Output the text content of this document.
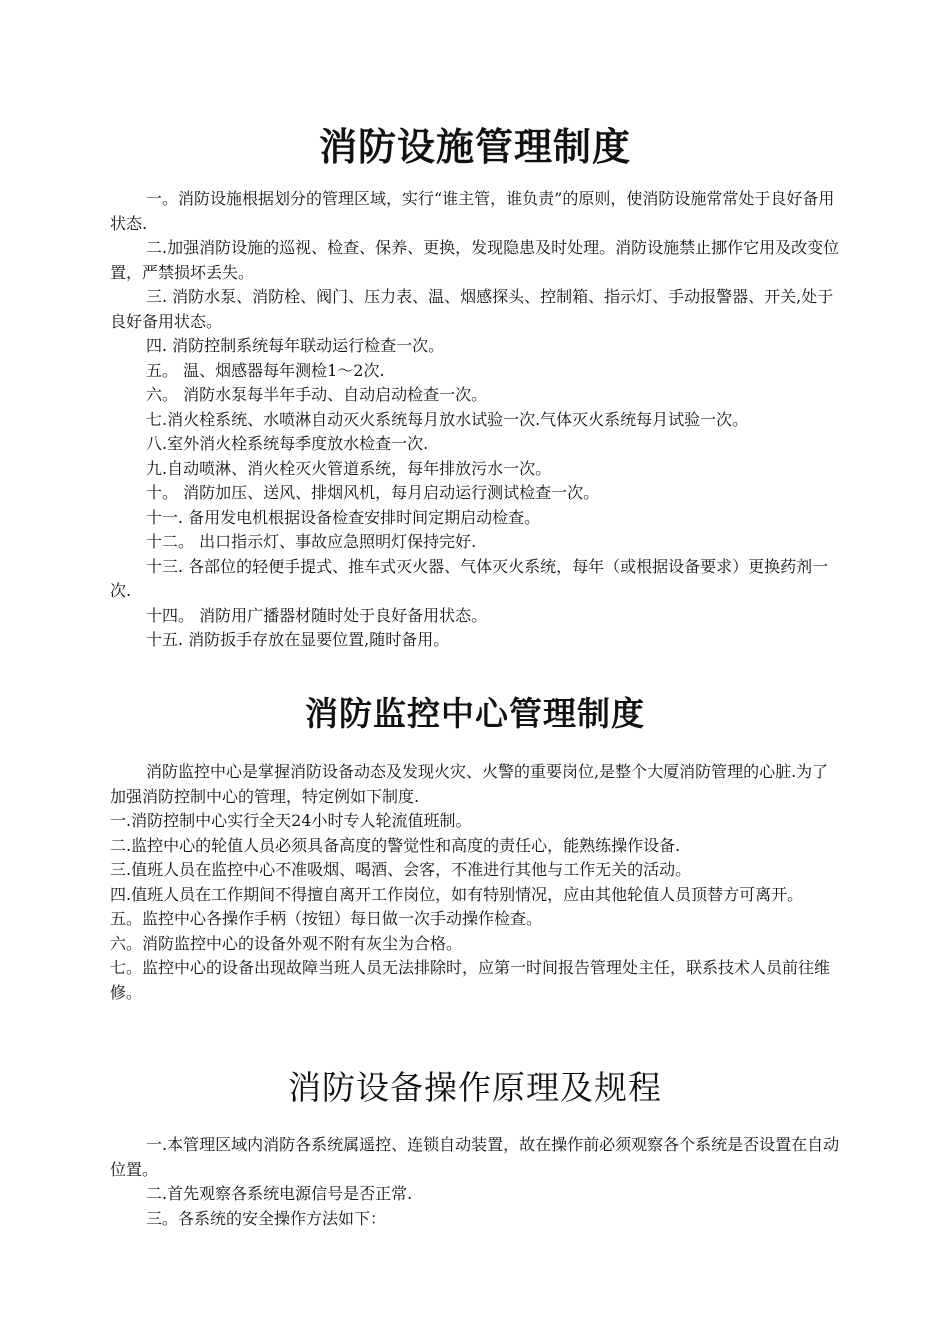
消防设施管理制度

一。消防设施根据划分的管理区域，实行“谁主管，谁负责”的原则，使消防设施常常处于良好备用状态.

二.加强消防设施的巡视、检查、保养、更换，发现隐患及时处理。消防设施禁止挪作它用及改变位置，严禁损坏丢失。

三. 消防水泵、消防栓、阀门、压力表、温、烟感探头、控制箱、指示灯、手动报警器、开关,处于良好备用状态。

四. 消防控制系统每年联动运行检查一次。

五。 温、烟感器每年测检1～2次.

六。 消防水泵每半年手动、自动启动检查一次。

七.消火栓系统、水喷淋自动灭火系统每月放水试验一次.气体灭火系统每月试验一次。

八.室外消火栓系统每季度放水检查一次.

九.自动喷淋、消火栓灭火管道系统，每年排放污水一次。

十。 消防加压、送风、排烟风机，每月启动运行测试检查一次。

十一. 备用发电机根据设备检查安排时间定期启动检查。

十二。 出口指示灯、事故应急照明灯保持完好.

十三. 各部位的轻便手提式、推车式灭火器、气体灭火系统，每年（或根据设备要求）更换药剂一次.

十四。 消防用广播器材随时处于良好备用状态。

十五. 消防扳手存放在显要位置,随时备用。

消防监控中心管理制度

消防监控中心是掌握消防设备动态及发现火灾、火警的重要岗位,是整个大厦消防管理的心脏.为了加强消防控制中心的管理，特定例如下制度.

一.消防控制中心实行全天24小时专人轮流值班制。

二.监控中心的轮值人员必须具备高度的警觉性和高度的责任心，能熟练操作设备.

三.值班人员在监控中心不准吸烟、喝酒、会客，不准进行其他与工作无关的活动。

四.值班人员在工作期间不得擅自离开工作岗位，如有特别情况，应由其他轮值人员顶替方可离开。

五。监控中心各操作手柄（按钮）每日做一次手动操作检查。

六。消防监控中心的设备外观不附有灰尘为合格。

七。监控中心的设备出现故障当班人员无法排除时，应第一时间报告管理处主任，联系技术人员前往维修。

消防设备操作原理及规程

一.本管理区域内消防各系统属遥控、连锁自动装置，故在操作前必须观察各个系统是否设置在自动位置。

二.首先观察各系统电源信号是否正常.

三。各系统的安全操作方法如下：
